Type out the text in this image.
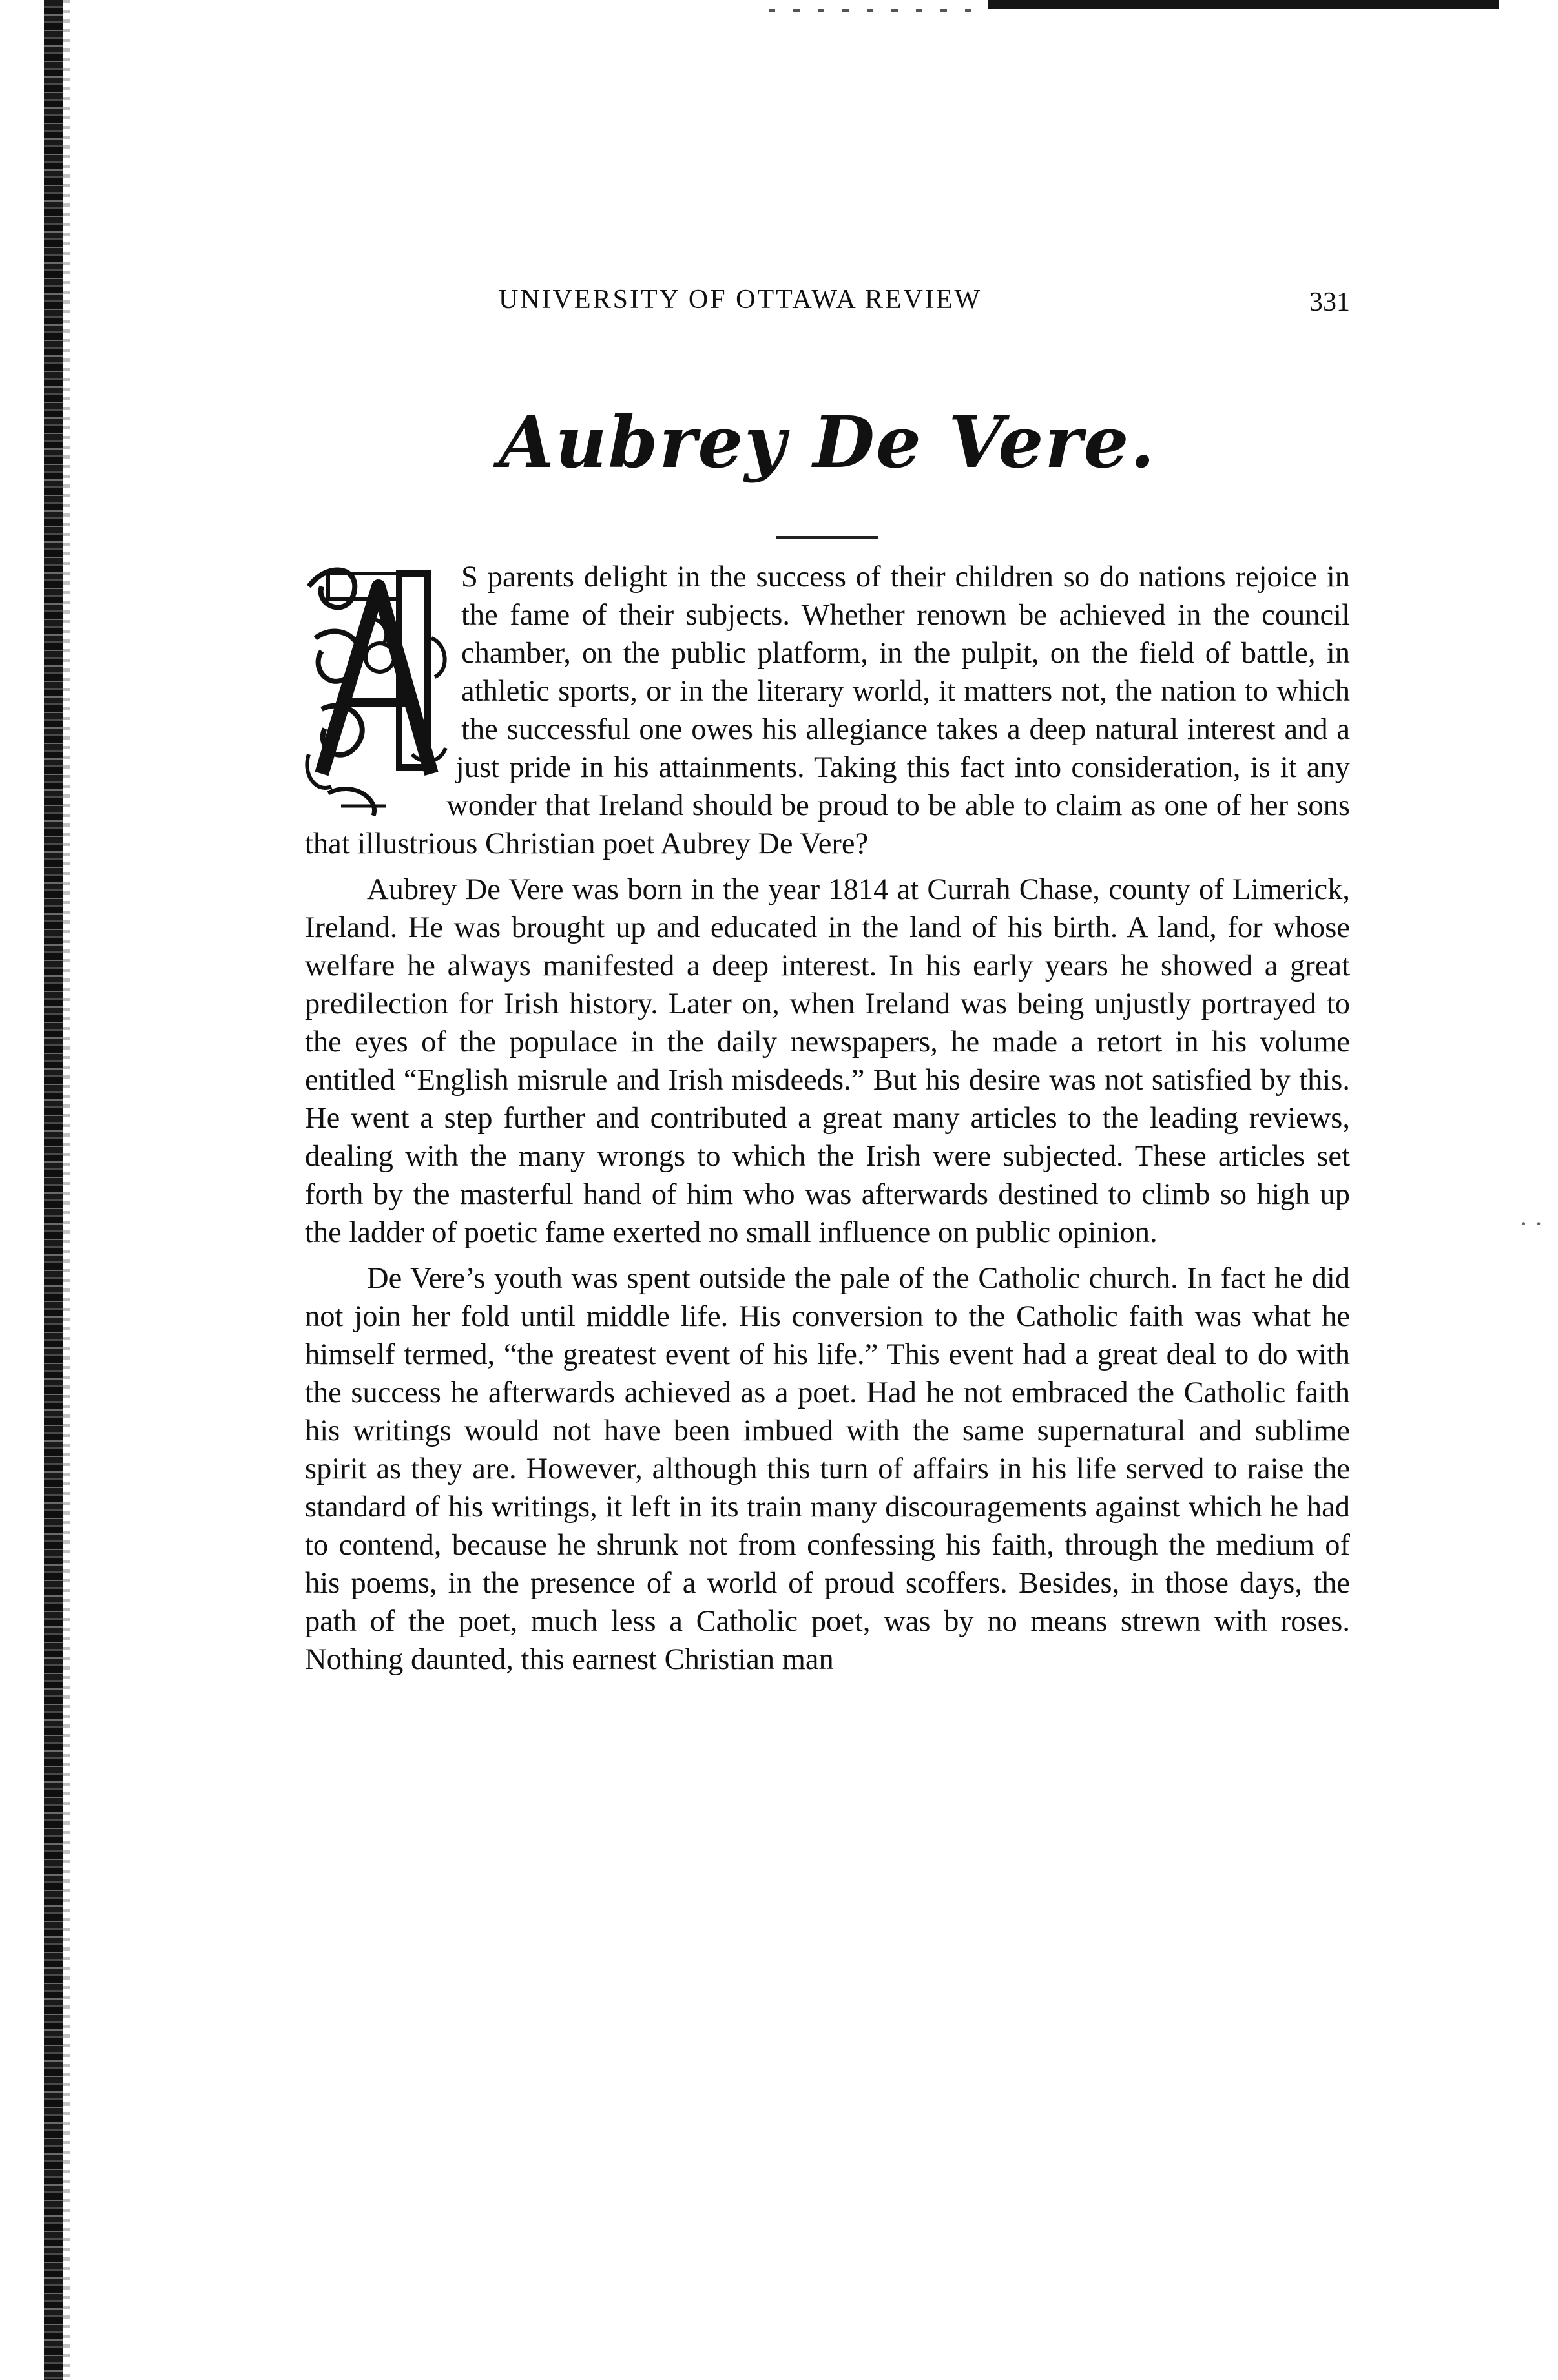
· ·
UNIVERSITY OF OTTAWA REVIEW	331
Aubrey De Vere.

S parents delight in the success of their children so do nations rejoice in the fame of their subjects. Whether renown be achieved in the council chamber, on the public platform, in the pulpit, on the field of battle, in athletic sports, or in the literary world, it matters not, the nation to which the successful one owes his allegiance takes a deep natural interest and a just pride in his attainments. Taking this fact into consideration, is it any wonder that Ireland should be proud to be able to claim as one of her sons that illustrious Christian poet Aubrey De Vere?

Aubrey De Vere was born in the year 1814 at Currah Chase, county of Limerick, Ireland. He was brought up and educated in the land of his birth. A land, for whose welfare he always manifested a deep interest. In his early years he showed a great predilection for Irish history. Later on, when Ireland was being unjustly portrayed to the eyes of the populace in the daily newspapers, he made a retort in his volume entitled “English misrule and Irish misdeeds.” But his desire was not satisfied by this. He went a step further and contributed a great many articles to the leading reviews, dealing with the many wrongs to which the Irish were subjected. These articles set forth by the masterful hand of him who was afterwards destined to climb so high up the ladder of poetic fame exerted no small influence on public opinion.

De Vere’s youth was spent outside the pale of the Catholic church. In fact he did not join her fold until middle life. His conversion to the Catholic faith was what he himself termed, “the greatest event of his life.” This event had a great deal to do with the success he afterwards achieved as a poet. Had he not embraced the Catholic faith his writings would not have been imbued with the same supernatural and sublime spirit as they are. However, although this turn of affairs in his life served to raise the standard of his writings, it left in its train many discouragements against which he had to contend, because he shrunk not from confessing his faith, through the medium of his poems, in the presence of a world of proud scoffers. Besides, in those days, the path of the poet, much less a Catholic poet, was by no means strewn with roses. Nothing daunted, this earnest Christian man
